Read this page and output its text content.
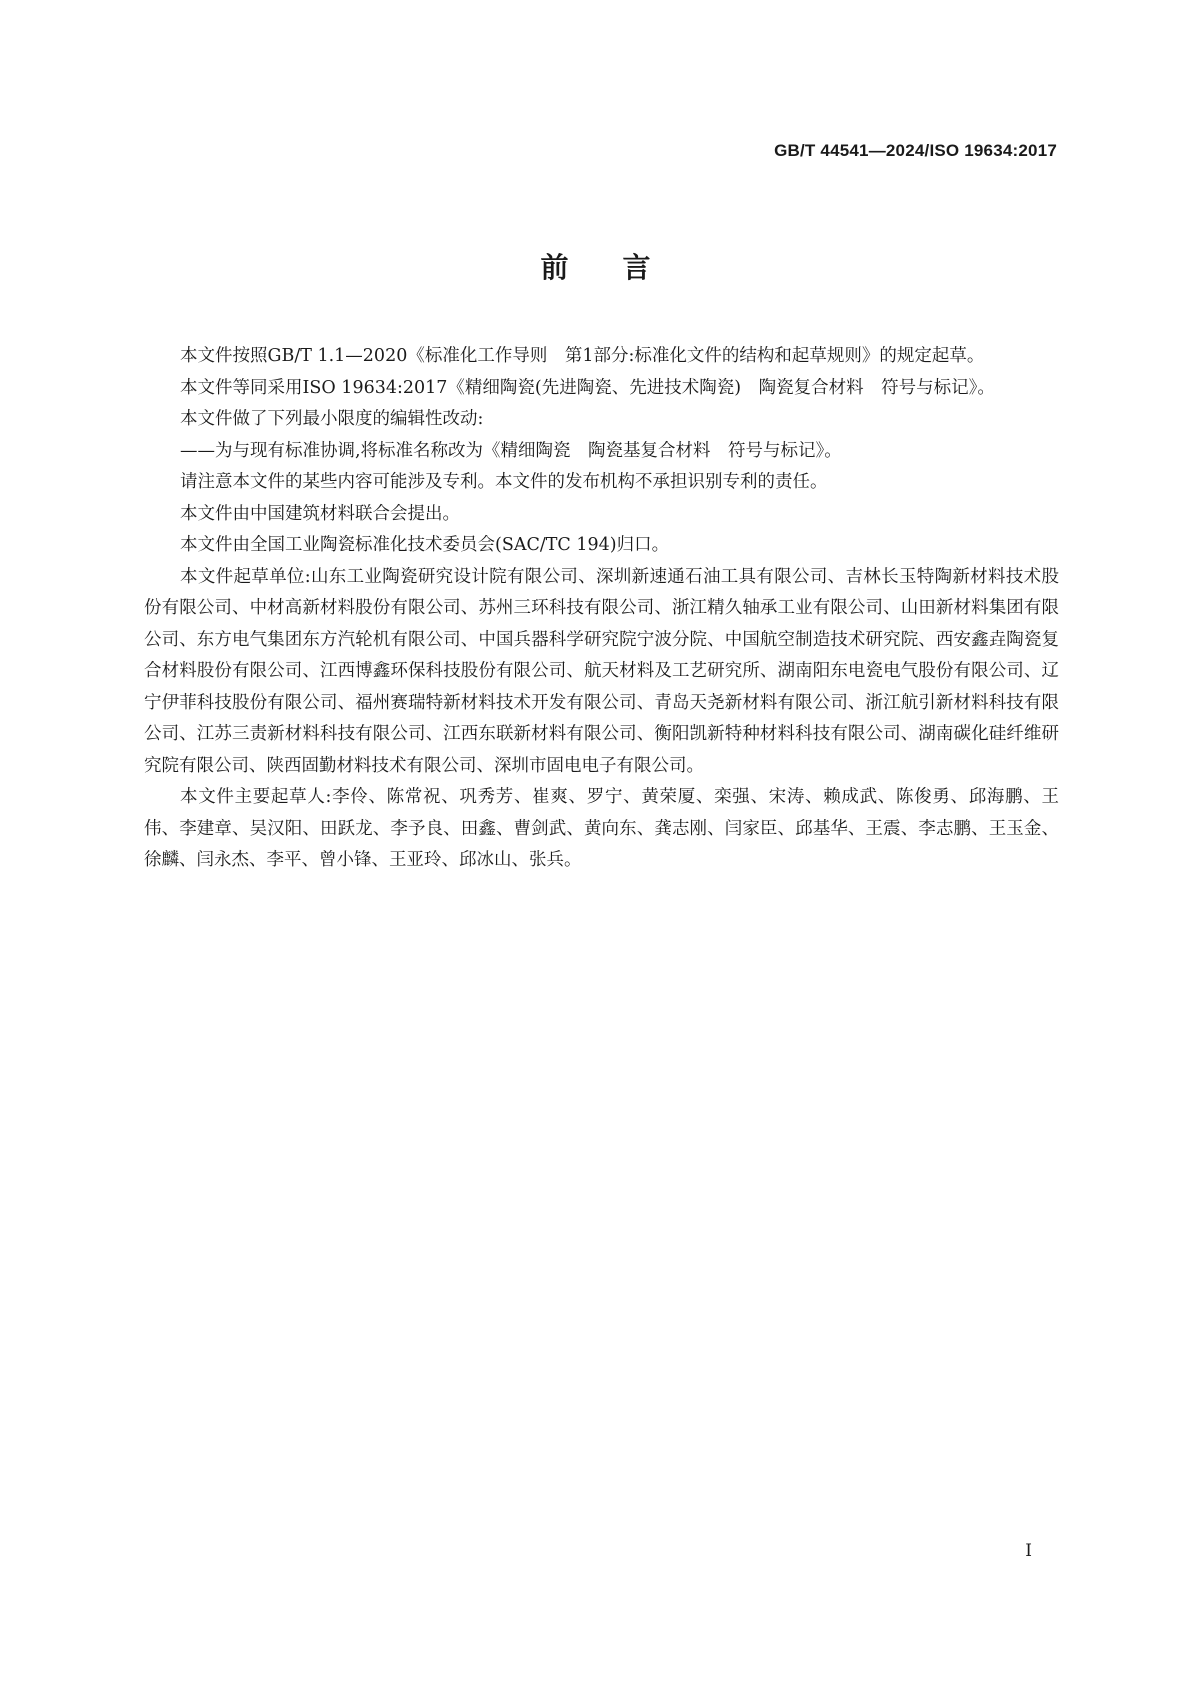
GB/T 44541—2024/ISO 19634:2017
前言

本文件按照GB/T 1.1—2020《标准化工作导则　第1部分:标准化文件的结构和起草规则》的规定起草。

本文件等同采用ISO 19634:2017《精细陶瓷(先进陶瓷、先进技术陶瓷)　陶瓷复合材料　符号与标记》。

本文件做了下列最小限度的编辑性改动:

——为与现有标准协调,将标准名称改为《精细陶瓷　陶瓷基复合材料　符号与标记》。

请注意本文件的某些内容可能涉及专利。本文件的发布机构不承担识别专利的责任。

本文件由中国建筑材料联合会提出。

本文件由全国工业陶瓷标准化技术委员会(SAC/TC 194)归口。

本文件起草单位:山东工业陶瓷研究设计院有限公司、深圳新速通石油工具有限公司、吉林长玉特陶新材料技术股份有限公司、中材高新材料股份有限公司、苏州三环科技有限公司、浙江精久轴承工业有限公司、山田新材料集团有限公司、东方电气集团东方汽轮机有限公司、中国兵器科学研究院宁波分院、中国航空制造技术研究院、西安鑫垚陶瓷复合材料股份有限公司、江西博鑫环保科技股份有限公司、航天材料及工艺研究所、湖南阳东电瓷电气股份有限公司、辽宁伊菲科技股份有限公司、福州赛瑞特新材料技术开发有限公司、青岛天尧新材料有限公司、浙江航引新材料科技有限公司、江苏三责新材料科技有限公司、江西东联新材料有限公司、衡阳凯新特种材料科技有限公司、湖南碳化硅纤维研究院有限公司、陕西固勤材料技术有限公司、深圳市固电电子有限公司。

本文件主要起草人:李伶、陈常祝、巩秀芳、崔爽、罗宁、黄荣厦、栾强、宋涛、赖成武、陈俊勇、邱海鹏、王伟、李建章、吴汉阳、田跃龙、李予良、田鑫、曹剑武、黄向东、龚志刚、闫家臣、邱基华、王震、李志鹏、王玉金、徐麟、闫永杰、李平、曾小锋、王亚玲、邱冰山、张兵。

I
